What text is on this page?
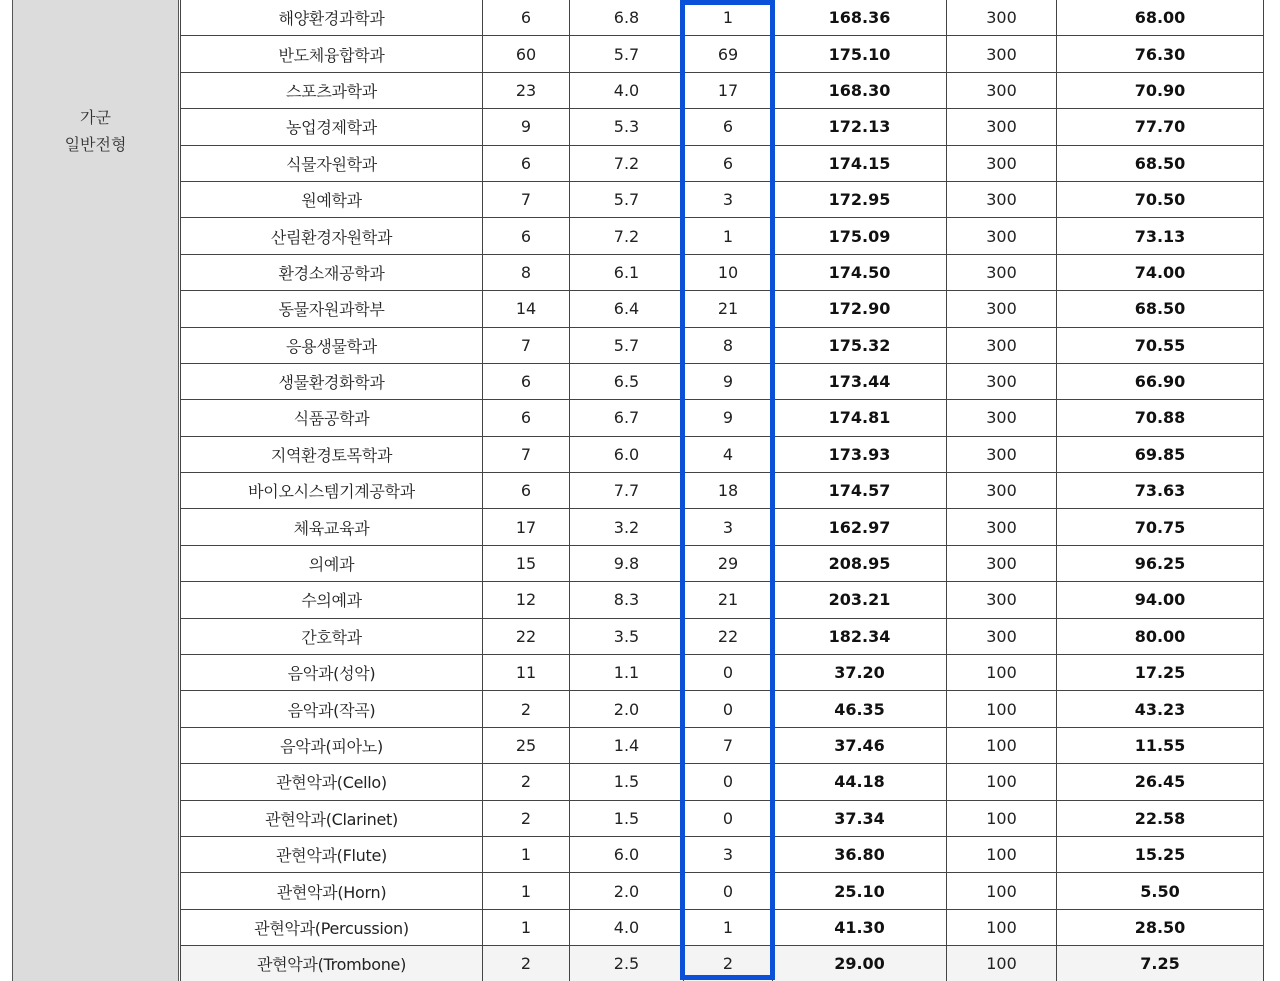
가군
일반전형
해양환경과학과	6	6.8	1	168.36	300	68.00
반도체융합학과	60	5.7	69	175.10	300	76.30
스포츠과학과	23	4.0	17	168.30	300	70.90
농업경제학과	9	5.3	6	172.13	300	77.70
식물자원학과	6	7.2	6	174.15	300	68.50
원예학과	7	5.7	3	172.95	300	70.50
산림환경자원학과	6	7.2	1	175.09	300	73.13
환경소재공학과	8	6.1	10	174.50	300	74.00
동물자원과학부	14	6.4	21	172.90	300	68.50
응용생물학과	7	5.7	8	175.32	300	70.55
생물환경화학과	6	6.5	9	173.44	300	66.90
식품공학과	6	6.7	9	174.81	300	70.88
지역환경토목학과	7	6.0	4	173.93	300	69.85
바이오시스템기계공학과	6	7.7	18	174.57	300	73.63
체육교육과	17	3.2	3	162.97	300	70.75
의예과	15	9.8	29	208.95	300	96.25
수의예과	12	8.3	21	203.21	300	94.00
간호학과	22	3.5	22	182.34	300	80.00
음악과(성악)	11	1.1	0	37.20	100	17.25
음악과(작곡)	2	2.0	0	46.35	100	43.23
음악과(피아노)	25	1.4	7	37.46	100	11.55
관현악과(Cello)	2	1.5	0	44.18	100	26.45
관현악과(Clarinet)	2	1.5	0	37.34	100	22.58
관현악과(Flute)	1	6.0	3	36.80	100	15.25
관현악과(Horn)	1	2.0	0	25.10	100	5.50
관현악과(Percussion)	1	4.0	1	41.30	100	28.50
관현악과(Trombone)	2	2.5	2	29.00	100	7.25
